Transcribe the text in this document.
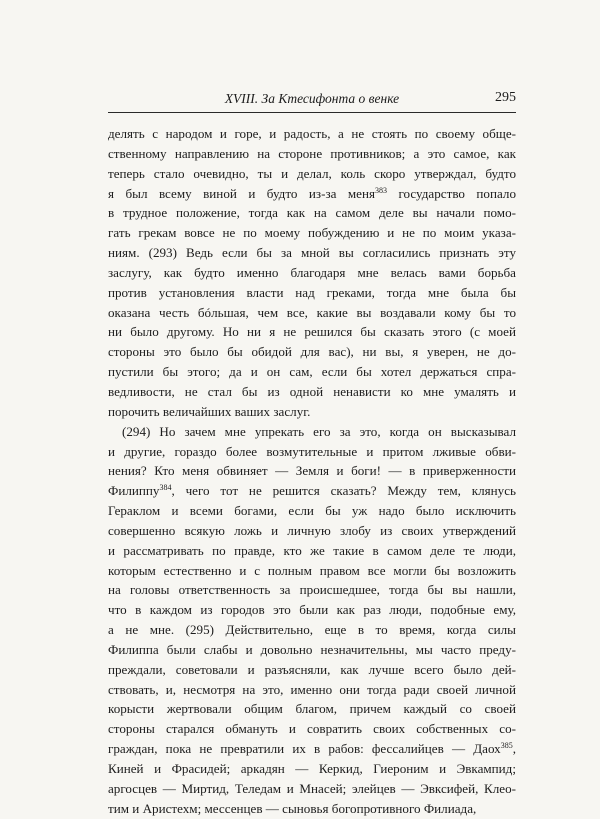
XVIII. За Ктесифонта о венке	295
делять с народом и горе, и радость, а не стоять по своему обще-
ственному направлению на стороне противников; а это самое, как
теперь стало очевидно, ты и делал, коль скоро утверждал, будто
я был всему виной и будто из-за меня$^{383}$ государство попало
в трудное положение, тогда как на самом деле вы начали помо-
гать грекам вовсе не по моему побуждению и не по моим указа-
ниям. (293) Ведь если бы за мной вы согласились признать эту
заслугу, как будто именно благодаря мне велась вами борьба
против установления власти над греками, тогда мне была бы
оказана честь бóльшая, чем все, какие вы воздавали кому бы то
ни было другому. Но ни я не решился бы сказать этого (с моей
стороны это было бы обидой для вас), ни вы, я уверен, не до-
пустили бы этого; да и он сам, если бы хотел держаться спра-
ведливости, не стал бы из одной ненависти ко мне умалять и
порочить величайших ваших заслуг.
(294) Но зачем мне упрекать его за это, когда он высказывал
и другие, гораздо более возмутительные и притом лживые обви-
нения? Кто меня обвиняет — Земля и боги! — в приверженности
Филиппу$^{384}$, чего тот не решится сказать? Между тем, клянусь
Гераклом и всеми богами, если бы уж надо было исключить
совершенно всякую ложь и личную злобу из своих утверждений
и рассматривать по правде, кто же такие в самом деле те люди,
которым естественно и с полным правом все могли бы возложить
на головы ответственность за происшедшее, тогда бы вы нашли,
что в каждом из городов это были как раз люди, подобные ему,
а не мне. (295) Действительно, еще в то время, когда силы
Филиппа были слабы и довольно незначительны, мы часто преду-
преждали, советовали и разъясняли, как лучше всего было дей-
ствовать, и, несмотря на это, именно они тогда ради своей личной
корысти жертвовали общим благом, причем каждый со своей
стороны старался обмануть и совратить своих собственных со-
граждан, пока не превратили их в рабов: фессалийцев — Даох$^{385}$,
Киней и Фрасидей; аркадян — Керкид, Гиероним и Эвкампид;
аргосцев — Миртид, Теледам и Мнасей; элейцев — Эвксифей, Клео-
тим и Аристехм; мессенцев — сыновья богопротивного Филиада,
